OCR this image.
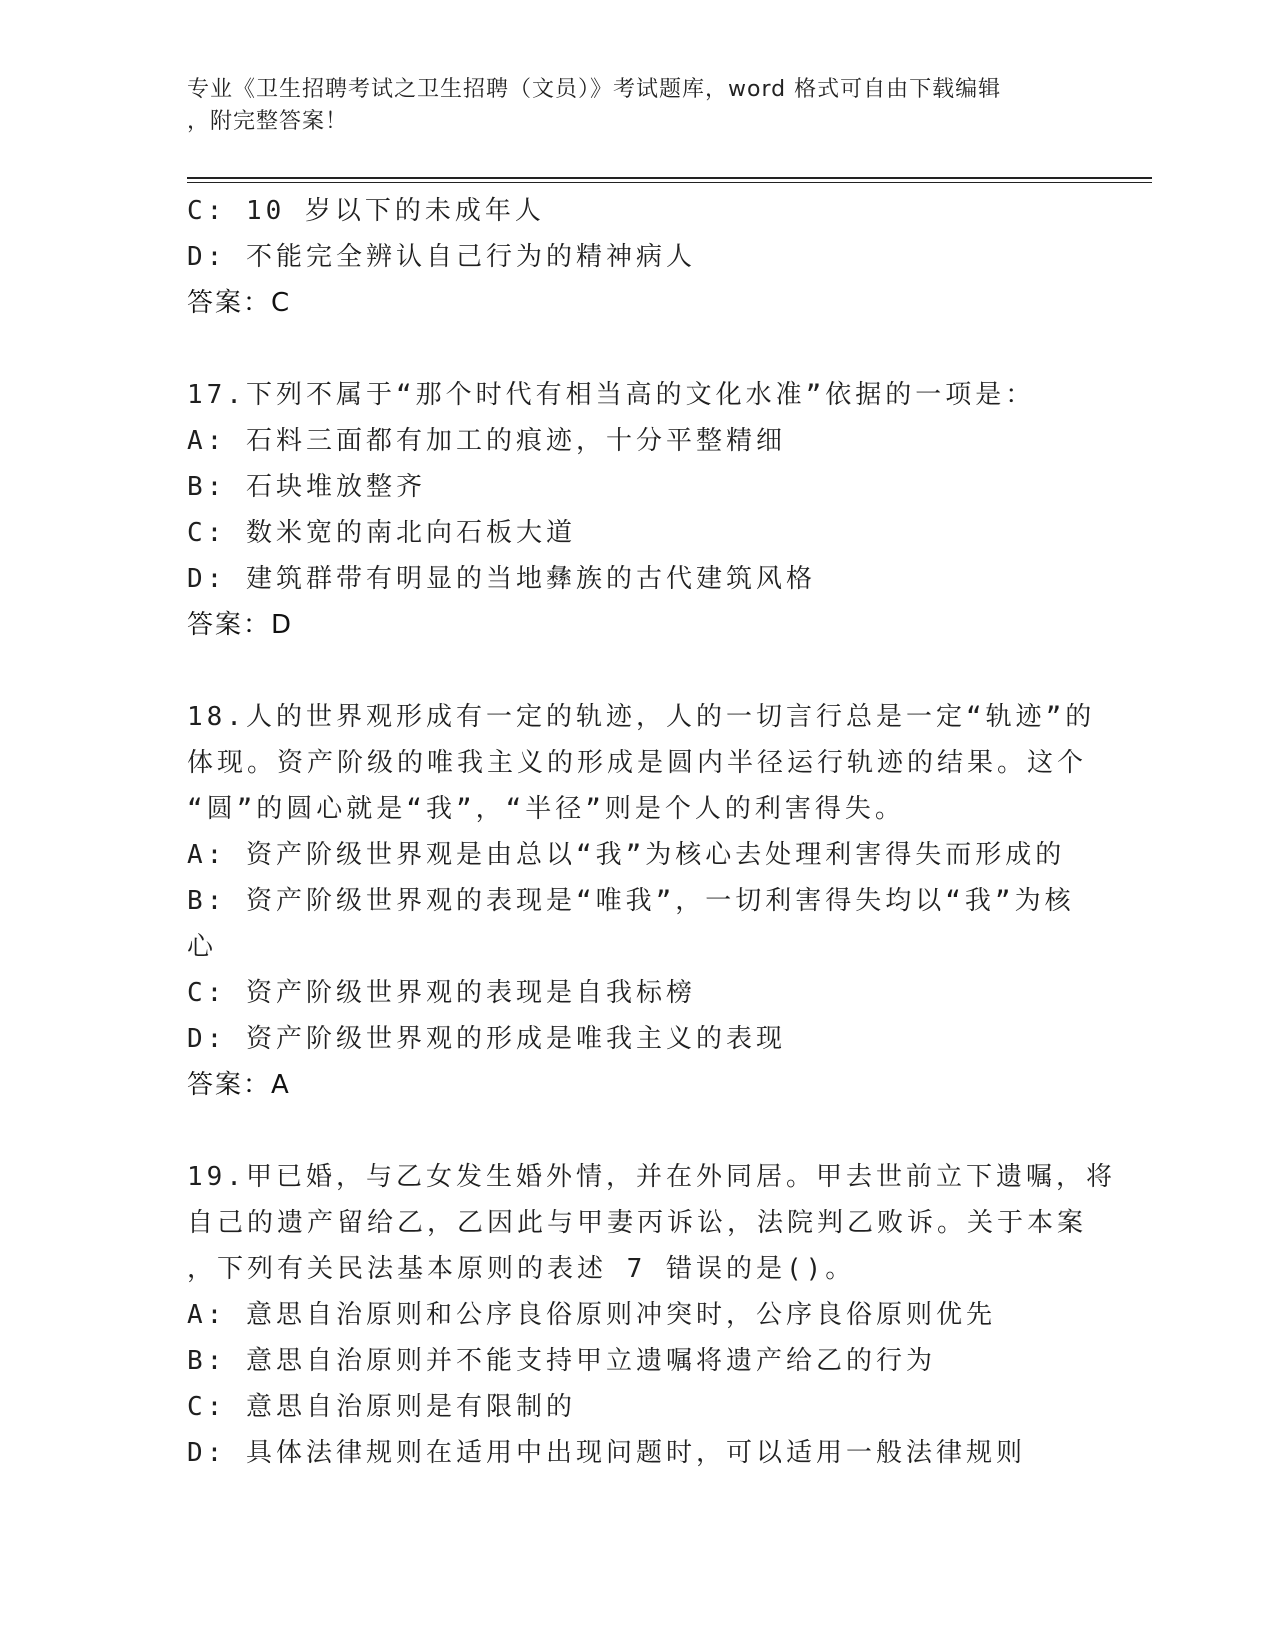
专业《卫生招聘考试之卫生招聘（文员）》考试题库，word 格式可自由下载编辑
，附完整答案！
C: 10 岁以下的未成年人
D: 不能完全辨认自己行为的精神病人
答案：C
17.下列不属于“那个时代有相当高的文化水准”依据的一项是：
A: 石料三面都有加工的痕迹，十分平整精细
B: 石块堆放整齐
C: 数米宽的南北向石板大道
D: 建筑群带有明显的当地彝族的古代建筑风格
答案：D
18.人的世界观形成有一定的轨迹，人的一切言行总是一定“轨迹”的
体现。资产阶级的唯我主义的形成是圆内半径运行轨迹的结果。这个
“圆”的圆心就是“我”，“半径”则是个人的利害得失。
A: 资产阶级世界观是由总以“我”为核心去处理利害得失而形成的
B: 资产阶级世界观的表现是“唯我”，一切利害得失均以“我”为核
心
C: 资产阶级世界观的表现是自我标榜
D: 资产阶级世界观的形成是唯我主义的表现
答案：A
19.甲已婚，与乙女发生婚外情，并在外同居。甲去世前立下遗嘱，将
自己的遗产留给乙，乙因此与甲妻丙诉讼，法院判乙败诉。关于本案
，下列有关民法基本原则的表述 7 错误的是()。
A: 意思自治原则和公序良俗原则冲突时，公序良俗原则优先
B: 意思自治原则并不能支持甲立遗嘱将遗产给乙的行为
C: 意思自治原则是有限制的
D: 具体法律规则在适用中出现问题时，可以适用一般法律规则
